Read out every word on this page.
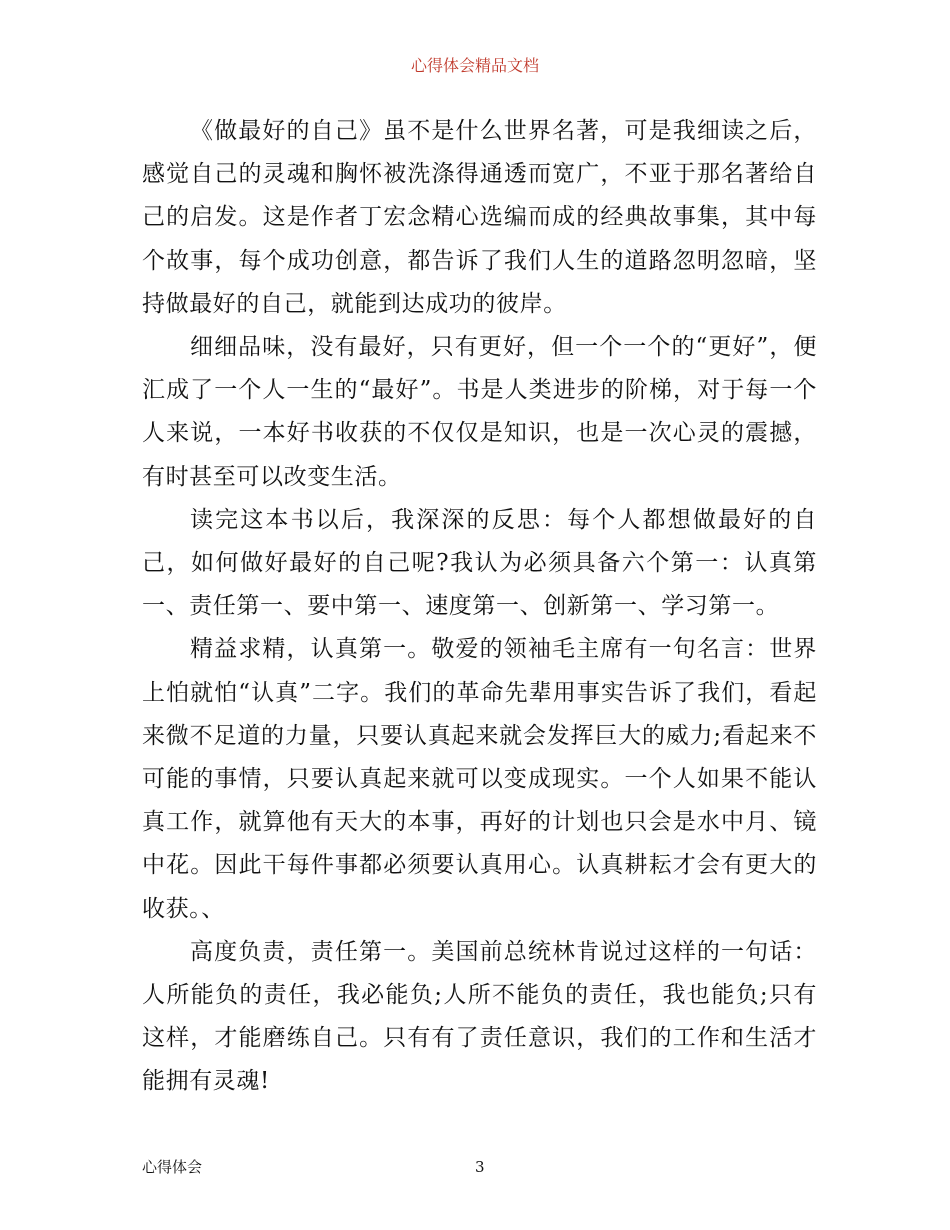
心得体会精品文档

《做最好的自己》虽不是什么世界名著，可是我细读之后，感觉自己的灵魂和胸怀被洗涤得通透而宽广，不亚于那名著给自己的启发。这是作者丁宏念精心选编而成的经典故事集，其中每个故事，每个成功创意，都告诉了我们人生的道路忽明忽暗，坚持做最好的自己，就能到达成功的彼岸。

细细品味，没有最好，只有更好，但一个一个的“更好”，便汇成了一个人一生的“最好”。书是人类进步的阶梯，对于每一个人来说，一本好书收获的不仅仅是知识，也是一次心灵的震撼，有时甚至可以改变生活。

读完这本书以后，我深深的反思：每个人都想做最好的自己，如何做好最好的自己呢?我认为必须具备六个第一：认真第一、责任第一、要中第一、速度第一、创新第一、学习第一。

精益求精，认真第一。敬爱的领袖毛主席有一句名言：世界上怕就怕“认真”二字。我们的革命先辈用事实告诉了我们，看起来微不足道的力量，只要认真起来就会发挥巨大的威力;看起来不可能的事情，只要认真起来就可以变成现实。一个人如果不能认真工作，就算他有天大的本事，再好的计划也只会是水中月、镜中花。因此干每件事都必须要认真用心。认真耕耘才会有更大的收获。、

高度负责，责任第一。美国前总统林肯说过这样的一句话：人所能负的责任，我必能负;人所不能负的责任，我也能负;只有这样，才能磨练自己。只有有了责任意识，我们的工作和生活才能拥有灵魂!

心得体会	3
